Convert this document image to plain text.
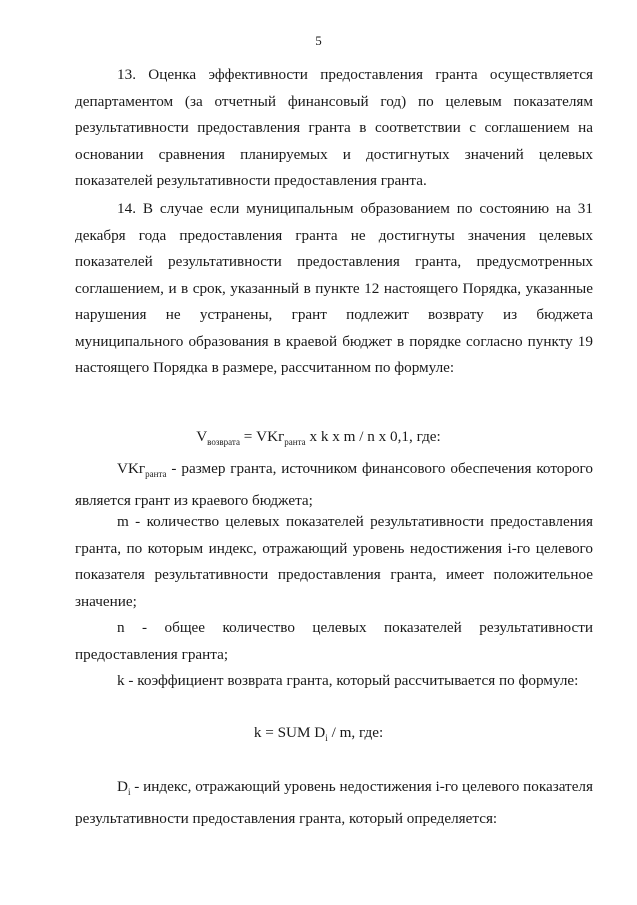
5

13. Оценка эффективности предоставления гранта осуществляется департаментом (за отчетный финансовый год) по целевым показателям результативности предоставления гранта в соответствии с соглашением на основании сравнения планируемых и достигнутых значений целевых показателей результативности предоставления гранта.

14. В случае если муниципальным образованием по состоянию на 31 декабря года предоставления гранта не достигнуты значения целевых показателей результативности предоставления гранта, предусмотренных соглашением, и в срок, указанный в пункте 12 настоящего Порядка, указанные нарушения не устранены, грант подлежит возврату из бюджета муниципального образования в краевой бюджет в порядке согласно пункту 19 настоящего Порядка в размере, рассчитанном по формуле:

$V_{возврата} = VKг_{ранта}$ х k х m / n х 0,1, где:

VKг$_{ранта}$ - размер гранта, источником финансового обеспечения которого является грант из краевого бюджета;

m - количество целевых показателей результативности предоставления гранта, по которым индекс, отражающий уровень недостижения i-го целевого показателя результативности предоставления гранта, имеет положительное значение;

n - общее количество целевых показателей результативности предоставления гранта;

k - коэффициент возврата гранта, который рассчитывается по формуле:

k = SUM $D_i$ / m, где:

$D_i$ - индекс, отражающий уровень недостижения i-го целевого показателя результативности предоставления гранта, который определяется:
